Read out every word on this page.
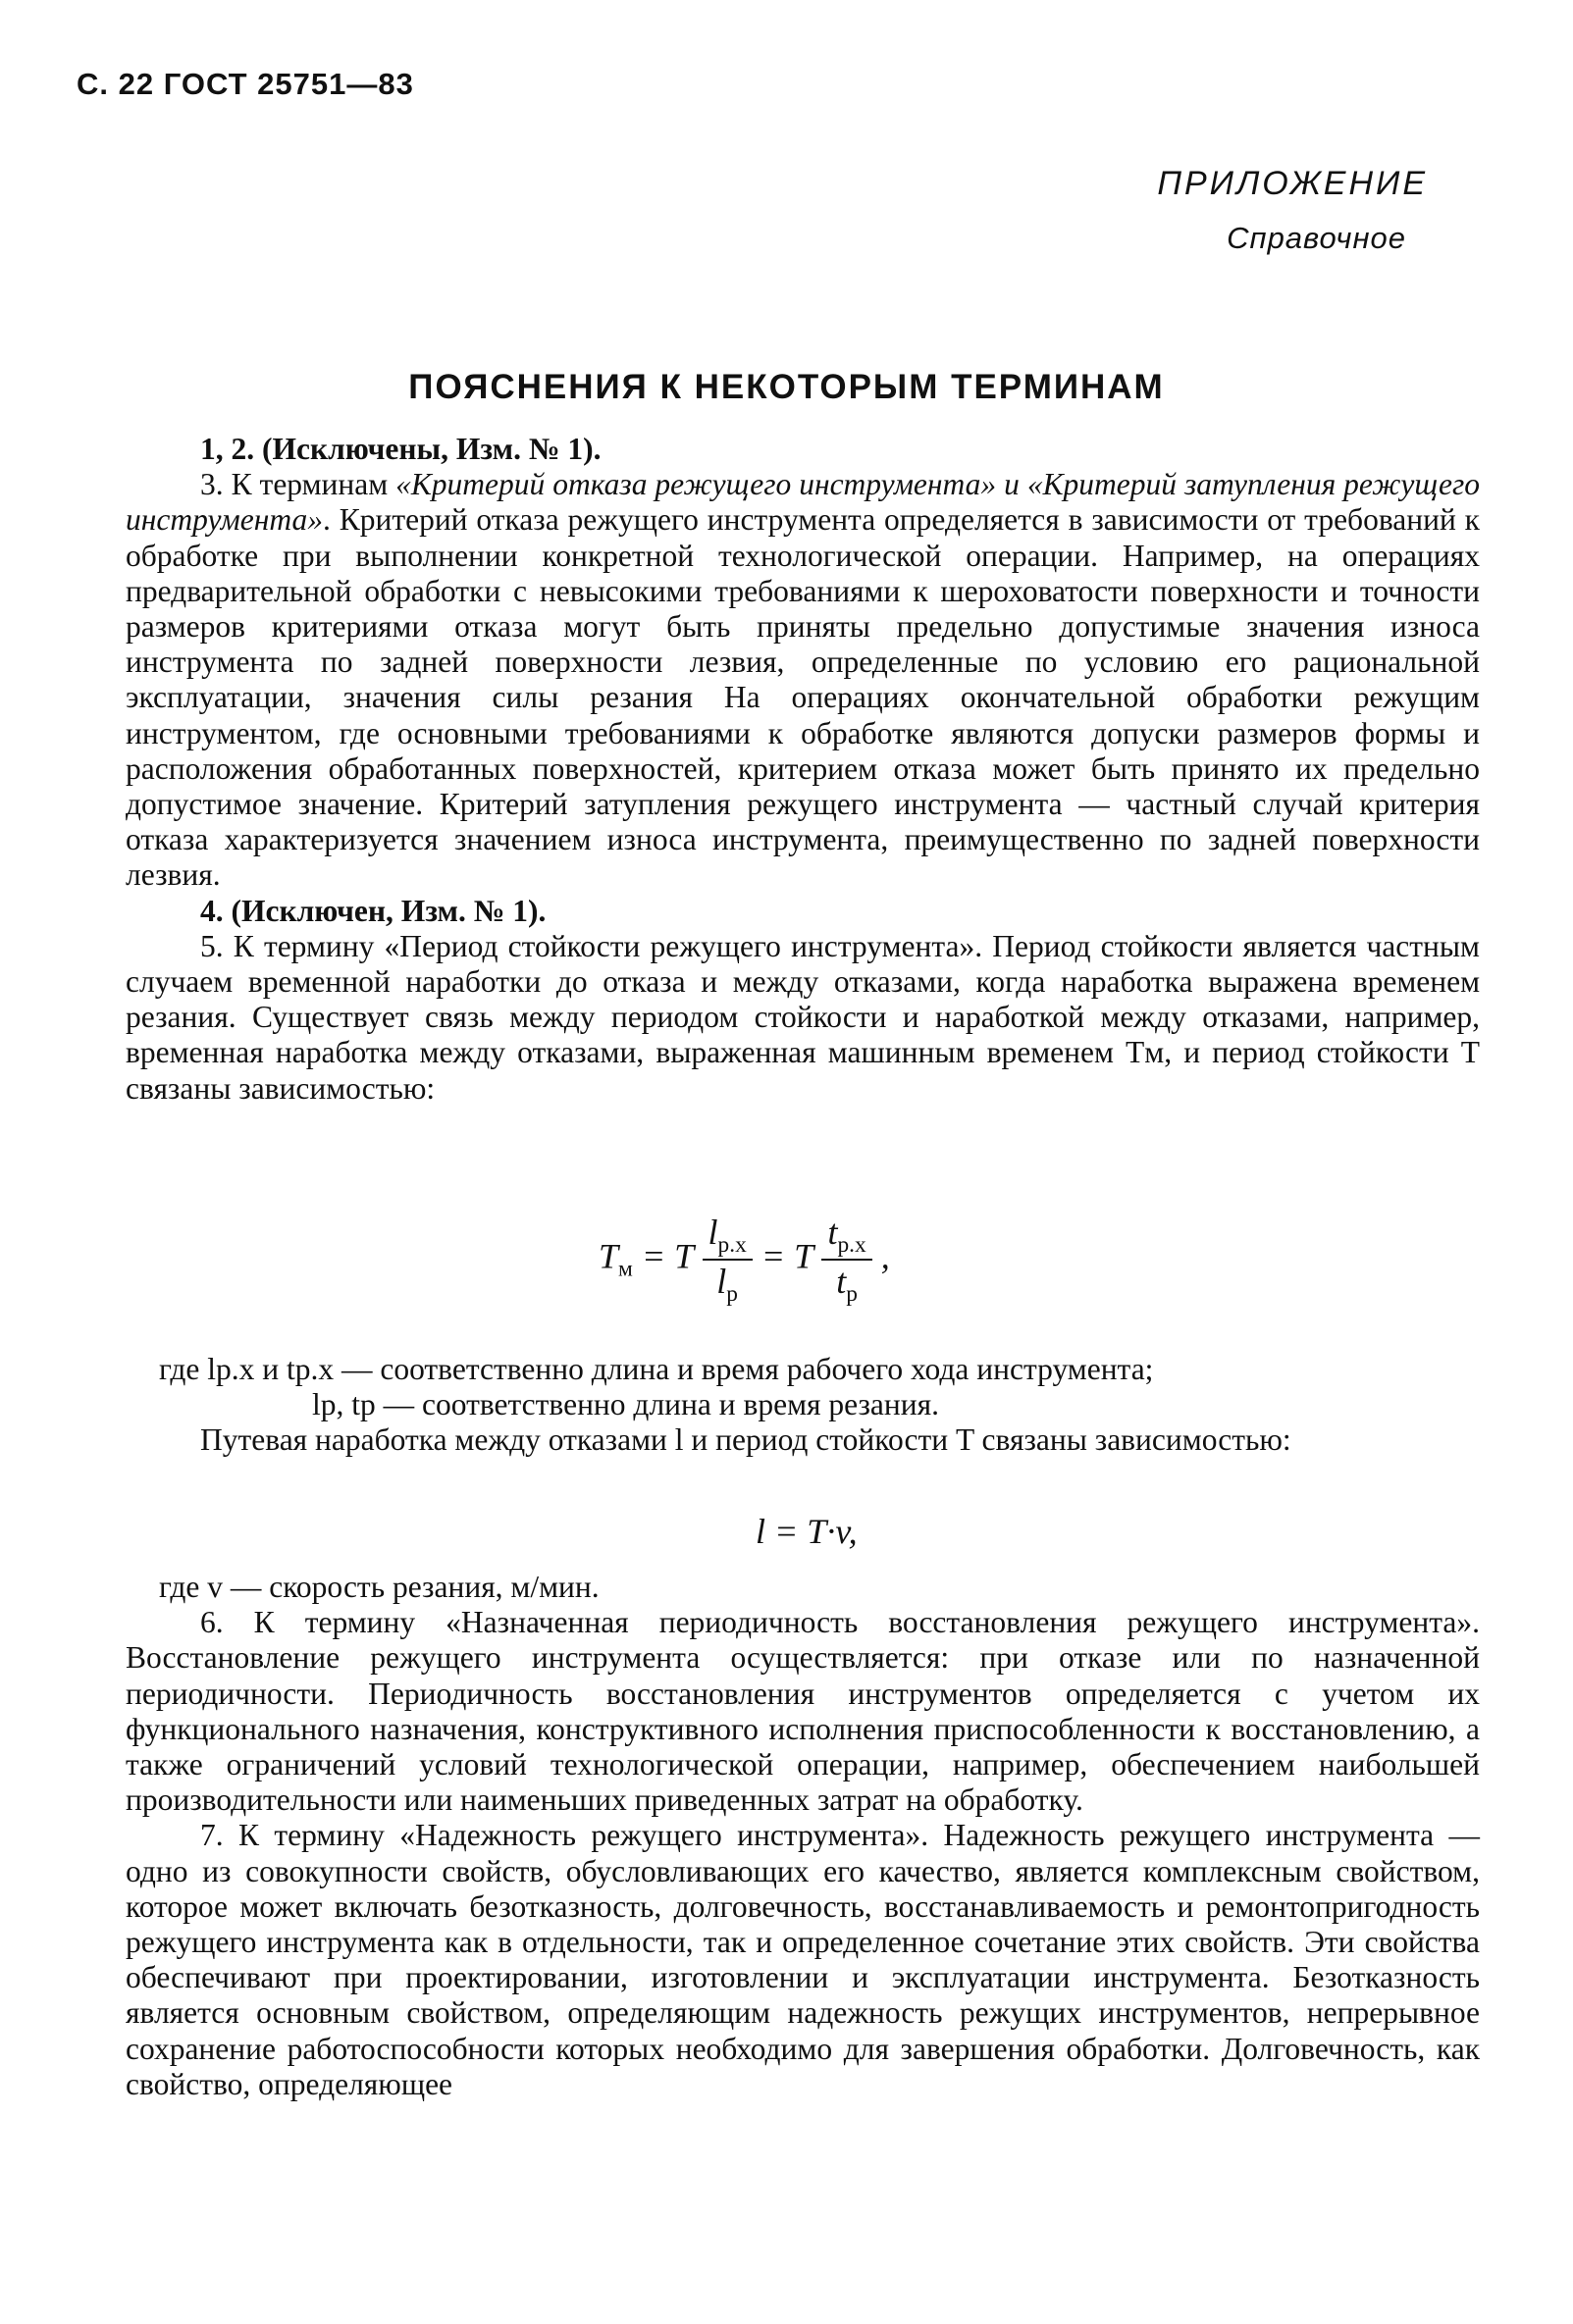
С. 22 ГОСТ 25751—83
ПРИЛОЖЕНИЕ
Справочное
ПОЯСНЕНИЯ К НЕКОТОРЫМ ТЕРМИНАМ

1, 2. (Исключены, Изм. № 1).

3. К терминам «Критерий отказа режущего инструмента» и «Критерий затупления режущего инструмента». Критерий отказа режущего инструмента определяется в зависимости от требований к обработке при выполнении конкретной технологической операции. Например, на операциях предварительной обработки с невысокими требованиями к шероховатости поверхности и точности размеров критериями отказа могут быть приняты предельно допустимые значения износа инструмента по задней поверхности лезвия, определенные по условию его рациональной эксплуатации, значения силы резания На операциях окончательной обработки режущим инструментом, где основными требованиями к обработке являются допуски размеров формы и расположения обработанных поверхностей, критерием отказа может быть принято их предельно допустимое значение. Критерий затупления режущего инструмента — частный случай критерия отказа характеризуется значением износа инструмента, преимущественно по задней поверхности лезвия.

4. (Исключен, Изм. № 1).

5. К термину «Период стойкости режущего инструмента». Период стойкости является частным случаем временной наработки до отказа и между отказами, когда наработка выражена временем резания. Существует связь между периодом стойкости и наработкой между отказами, например, временная наработка между отказами, выраженная машинным временем Tм, и период стойкости T связаны зависимостью:

$T_м = T \frac{l_{р.х}}{l_р} = T \frac{t_{р.х}}{t_р}$ ,

где lр.х и tр.х — соответственно длина и время рабочего хода инструмента;

lр, tр — соответственно длина и время резания.

Путевая наработка между отказами l и период стойкости T связаны зависимостью:

l = T·v,

где v — скорость резания, м/мин.

6. К термину «Назначенная периодичность восстановления режущего инструмента». Восстановление режущего инструмента осуществляется: при отказе или по назначенной периодичности. Периодичность восстановления инструментов определяется с учетом их функционального назначения, конструктивного исполнения приспособленности к восстановлению, а также ограничений условий технологической операции, например, обеспечением наибольшей производительности или наименьших приведенных затрат на обработку.

7. К термину «Надежность режущего инструмента». Надежность режущего инструмента — одно из совокупности свойств, обусловливающих его качество, является комплексным свойством, которое может включать безотказность, долговечность, восстанавливаемость и ремонтопригодность режущего инструмента как в отдельности, так и определенное сочетание этих свойств. Эти свойства обеспечивают при проектировании, изготовлении и эксплуатации инструмента. Безотказность является основным свойством, определяющим надежность режущих инструментов, непрерывное сохранение работоспособности которых необходимо для завершения обработки. Долговечность, как свойство, определяющее
